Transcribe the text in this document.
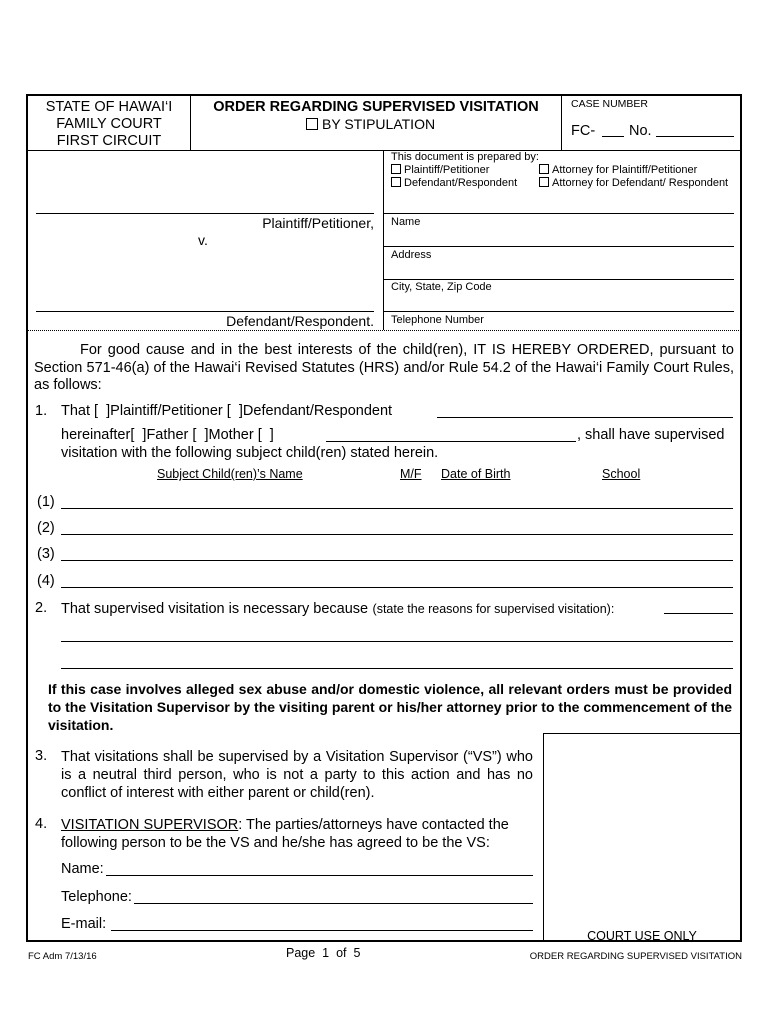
STATE OF HAWAI‘I
FAMILY COURT
FIRST CIRCUIT
ORDER REGARDING SUPERVISED VISITATION
BY STIPULATION
CASE NUMBER
FC- No.
This document is prepared by:
Plaintiff/Petitioner
Defendant/Respondent
Attorney for Plaintiff/Petitioner
Attorney for Defendant/ Respondent
Name
Address
City, State, Zip Code
Telephone Number
Plaintiff/Petitioner,
v.
Defendant/Respondent.
For good cause and in the best interests of the child(ren), IT IS HEREBY ORDERED, pursuant to Section 571-46(a) of the Hawai‘i Revised Statutes (HRS) and/or Rule 54.2 of the Hawai‘i Family Court Rules, as follows:
1. That [  ]Plaintiff/Petitioner [  ]Defendant/Respondent
hereinafter[  ]Father [  ]Mother [  ]	, shall have supervised
visitation with the following subject child(ren) stated herein.
Subject Child(ren)’s Name	M/F Date of Birth	School
(1)
(2)
(3)
(4)
2. That supervised visitation is necessary because (state the reasons for supervised visitation):
If this case involves alleged sex abuse and/or domestic violence, all relevant orders must be provided to the Visitation Supervisor by the visiting parent or his/her attorney prior to the commencement of the visitation.
COURT USE ONLY
3. That visitations shall be supervised by a Visitation Supervisor (“VS”) who is a neutral third person, who is not a party to this action and has no conflict of interest with either parent or child(ren).
4. VISITATION SUPERVISOR: The parties/attorneys have contacted the following person to be the VS and he/she has agreed to be the VS:
Name:
Telephone:
E-mail:
FC Adm 7/13/16	Page 1 of 5	ORDER REGARDING SUPERVISED VISITATION
